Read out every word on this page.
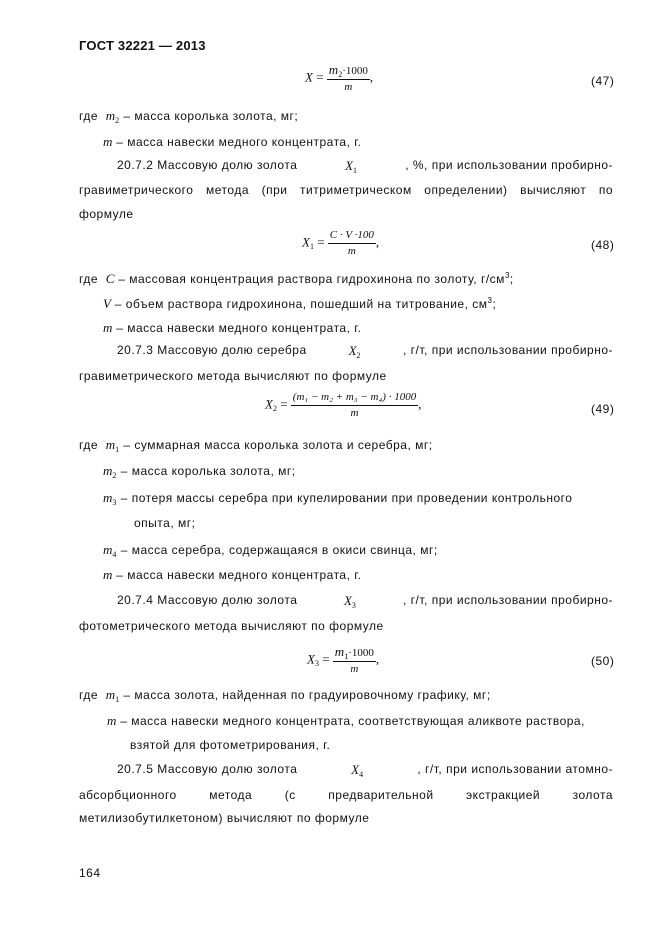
ГОСТ 32221 — 2013
$X = \frac{m_2\cdot 1000}{m}$ ,	(47)
где $m_2$ – масса королька золота, мг;
m – масса навески медного концентрата, г.
20.7.2 Массовую долю золота	$X_1$	, %, при использовании пробирно-
гравиметрического метода (при титриметрическом определении) вычисляют по
формуле
$X_1 = \frac{C \cdot V \cdot 100}{m}$ ,	(48)
где C – массовая концентрация раствора гидрохинона по золоту, $г/см^3$;
V – объем раствора гидрохинона, пошедший на титрование, $см^3$;
m – масса навески медного концентрата, г.
20.7.3 Массовую долю серебра	$X_2$	, г/т, при использовании пробирно-
гравиметрического метода вычисляют по формуле
$X_2 = \frac{\text{(m₁ − m₂ + m₃ − m₄) · 1000}}{m}$ ,	(49)
где $m_1$ – суммарная масса королька золота и серебра, мг;
$m_2$ – масса королька золота, мг;
$m_3$ – потеря массы серебра при купелировании при проведении контрольного
опыта, мг;
$m_4$ – масса серебра, содержащаяся в окиси свинца, мг;
m – масса навески медного концентрата, г.
20.7.4 Массовую долю золота	$X_3$	, г/т, при использовании пробирно-
фотометрического метода вычисляют по формуле
$X_3 = \frac{m_1\cdot 1000}{m}$ ,	(50)
где $m_1$ – масса золота, найденная по градуировочному графику, мг;
m – масса навески медного концентрата, соответствующая аликвоте раствора,
взятой для фотометрирования, г.
20.7.5 Массовую долю золота	$X_4$	, г/т, при использовании атомно-
абсорбционного метода (с предварительной экстракцией золота
метилизобутилкетоном) вычисляют по формуле
164
